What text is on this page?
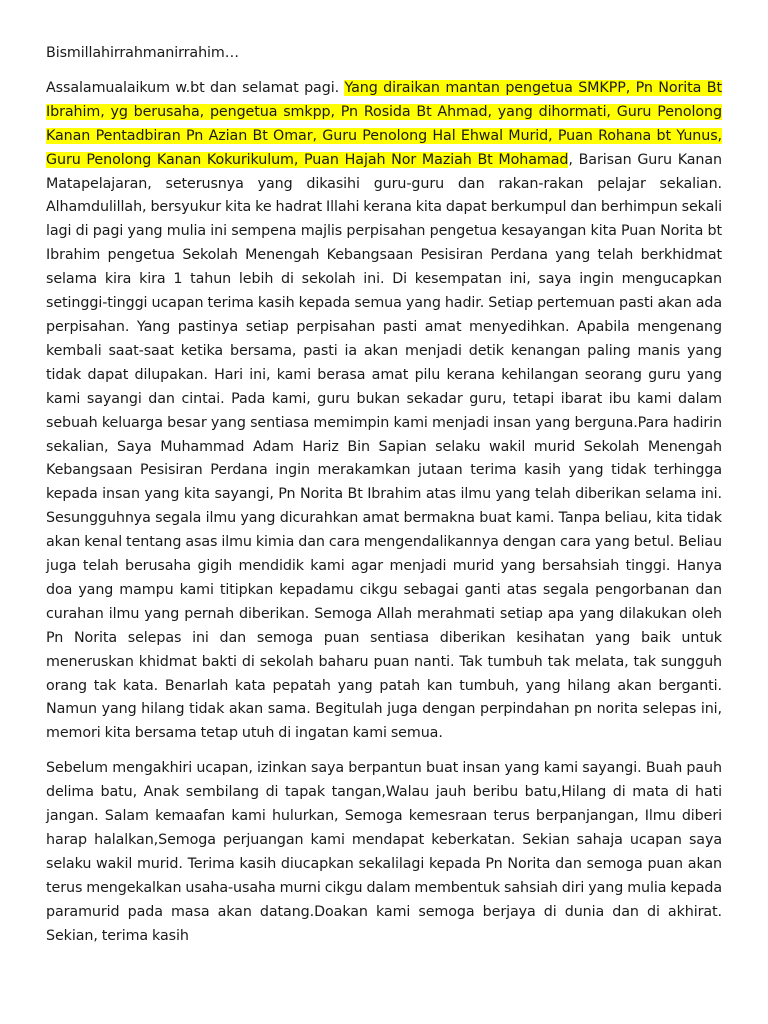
Bismillahirrahmanirrahim…

Assalamualaikum w.bt dan selamat pagi. Yang diraikan mantan pengetua SMKPP, Pn Norita Bt Ibrahim, yg berusaha, pengetua smkpp, Pn Rosida Bt Ahmad, yang dihormati, Guru Penolong Kanan Pentadbiran Pn Azian Bt Omar, Guru Penolong Hal Ehwal Murid, Puan Rohana bt Yunus, Guru Penolong Kanan Kokurikulum, Puan Hajah Nor Maziah Bt Mohamad, Barisan Guru Kanan Matapelajaran, seterusnya yang dikasihi guru-guru dan rakan-rakan pelajar sekalian. Alhamdulillah, bersyukur kita ke hadrat Illahi kerana kita dapat berkumpul dan berhimpun sekali lagi di pagi yang mulia ini sempena majlis perpisahan pengetua kesayangan kita Puan Norita bt Ibrahim pengetua Sekolah Menengah Kebangsaan Pesisiran Perdana yang telah berkhidmat selama kira kira 1 tahun lebih di sekolah ini. Di kesempatan ini, saya ingin mengucapkan setinggi-tinggi ucapan terima kasih kepada semua yang hadir. Setiap pertemuan pasti akan ada perpisahan. Yang pastinya setiap perpisahan pasti amat menyedihkan. Apabila mengenang kembali saat-saat ketika bersama, pasti ia akan menjadi detik kenangan paling manis yang tidak dapat dilupakan. Hari ini, kami berasa amat pilu kerana kehilangan seorang guru yang kami sayangi dan cintai. Pada kami, guru bukan sekadar guru, tetapi ibarat ibu kami dalam sebuah keluarga besar yang sentiasa memimpin kami menjadi insan yang berguna.Para hadirin sekalian, Saya Muhammad Adam Hariz Bin Sapian selaku wakil murid Sekolah Menengah Kebangsaan Pesisiran Perdana ingin merakamkan jutaan terima kasih yang tidak terhingga kepada insan yang kita sayangi, Pn Norita Bt Ibrahim atas ilmu yang telah diberikan selama ini. Sesungguhnya segala ilmu yang dicurahkan amat bermakna buat kami. Tanpa beliau, kita tidak akan kenal tentang asas ilmu kimia dan cara mengendalikannya dengan cara yang betul. Beliau juga telah berusaha gigih mendidik kami agar menjadi murid yang bersahsiah tinggi. Hanya doa yang mampu kami titipkan kepadamu cikgu sebagai ganti atas segala pengorbanan dan curahan ilmu yang pernah diberikan. Semoga Allah merahmati setiap apa yang dilakukan oleh Pn Norita selepas ini dan semoga puan sentiasa diberikan kesihatan yang baik untuk meneruskan khidmat bakti di sekolah baharu puan nanti. Tak tumbuh tak melata, tak sungguh orang tak kata. Benarlah kata pepatah yang patah kan tumbuh, yang hilang akan berganti. Namun yang hilang tidak akan sama. Begitulah juga dengan perpindahan pn norita selepas ini, memori kita bersama tetap utuh di ingatan kami semua.

Sebelum mengakhiri ucapan, izinkan saya berpantun buat insan yang kami sayangi. Buah pauh delima batu, Anak sembilang di tapak tangan,Walau jauh beribu batu,Hilang di mata di hati jangan. Salam kemaafan kami hulurkan, Semoga kemesraan terus berpanjangan, Ilmu diberi harap halalkan,Semoga perjuangan kami mendapat keberkatan. Sekian sahaja ucapan saya selaku wakil murid. Terima kasih diucapkan sekalilagi kepada Pn Norita dan semoga puan akan terus mengekalkan usaha-usaha murni cikgu dalam membentuk sahsiah diri yang mulia kepada paramurid pada masa akan datang.Doakan kami semoga berjaya di dunia dan di akhirat. Sekian, terima kasih
